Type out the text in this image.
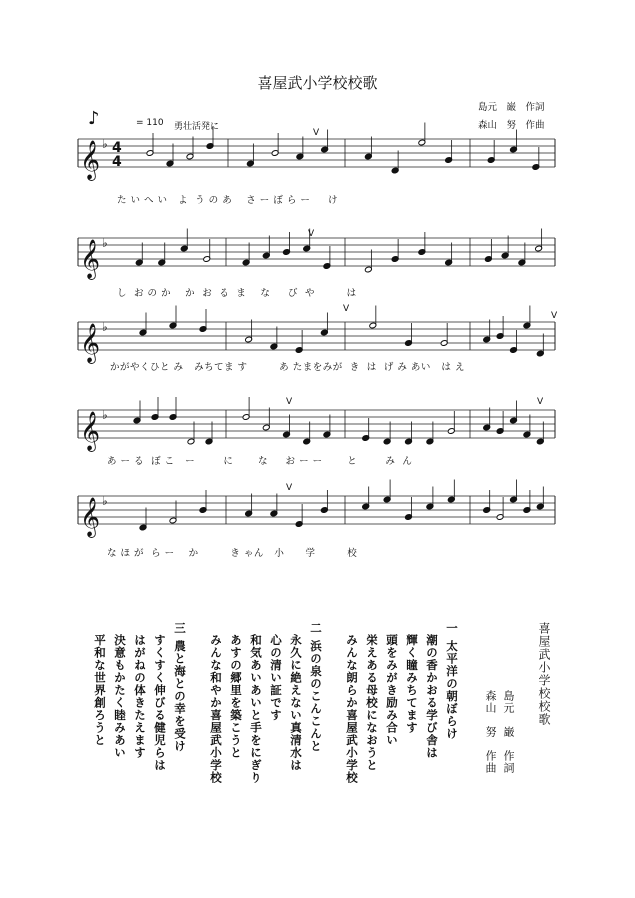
喜屋武小学校校歌
島元　巌　作詞
森山　努　作曲
♪	= 110 勇壮活発に
𝄞 ♭ 4
4
𝄞 ♭
𝄞 ♭
𝄞 ♭
𝄞 ♭
V
V
V
V
V	V
V
た い へ い   よ  う の あ    さ ー ぼ ら ー     け
し  お の か    か  お  る  ま    な     び  や         は
かがやくひと み   みちてま す         あ たまをみが  き  は  げ み あい   は え
あ ー る  ぼ こ   ー        に       な     お ー ー       と        み  ん
な ほ が  ら ー    か         き ゃん   小      学         校
喜屋武小学校校歌
島元　巌　作詞
森山　努　作曲
一
太平洋の朝ぼらけ
潮の香かおる学び舎は
輝く瞳みちてます
頭をみがき励み合い
栄えある母校になおうと
みんな朗らか喜屋武小学校
二
浜の泉のこんこんと
永久に絶えない真清水は
心の清い証です
和気あいあいと手をにぎり
あすの郷里を築こうと
みんな和やか喜屋武小学校
三
農と海との幸を受け
すくすく伸びる健児らは
はがねの体きたえます
決意もかたく睦みあい
平和な世界創ろうと
